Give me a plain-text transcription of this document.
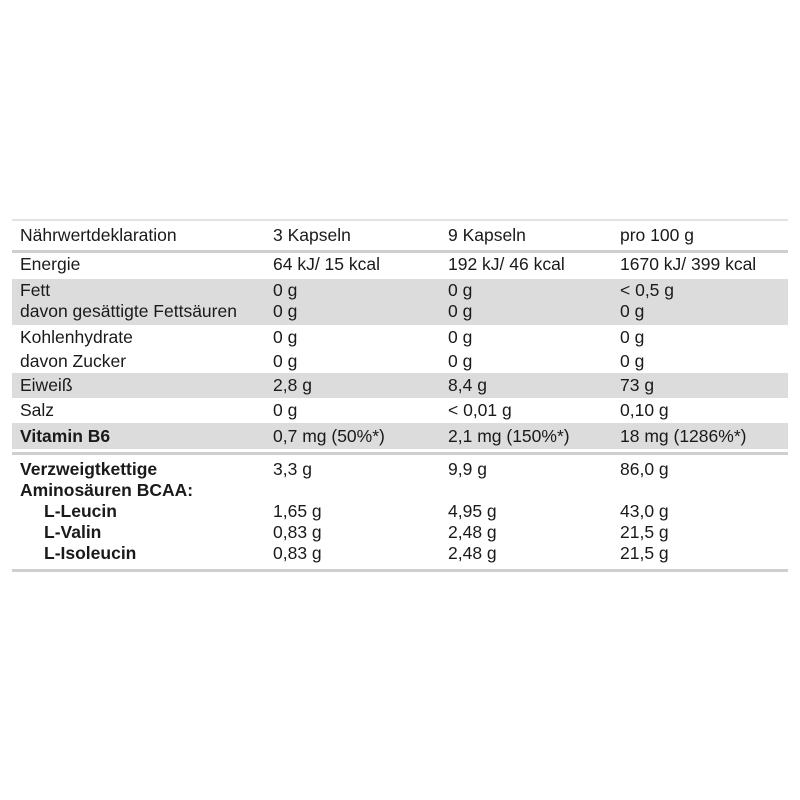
Nährwertdeklaration	3 Kapseln	9 Kapseln	pro 100 g
Energie	64 kJ/ 15 kcal	192 kJ/ 46 kcal	1670 kJ/ 399 kcal
Fett	0 g	0 g	< 0,5 g
davon gesättigte Fettsäuren 0 g	0 g	0 g
Kohlenhydrate	0 g	0 g	0 g
davon Zucker	0 g	0 g	0 g
Eiweiß	2,8 g	8,4 g	73 g
Salz	0 g	< 0,01 g	0,10 g
Vitamin B6	0,7 mg (50%*)	2,1 mg (150%*)	18 mg (1286%*)
Verzweigtkettige	3,3 g	9,9 g	86,0 g
Aminosäuren BCAA:
L-Leucin	1,65 g	4,95 g	43,0 g
L-Valin	0,83 g	2,48 g	21,5 g
L-Isoleucin	0,83 g	2,48 g	21,5 g
